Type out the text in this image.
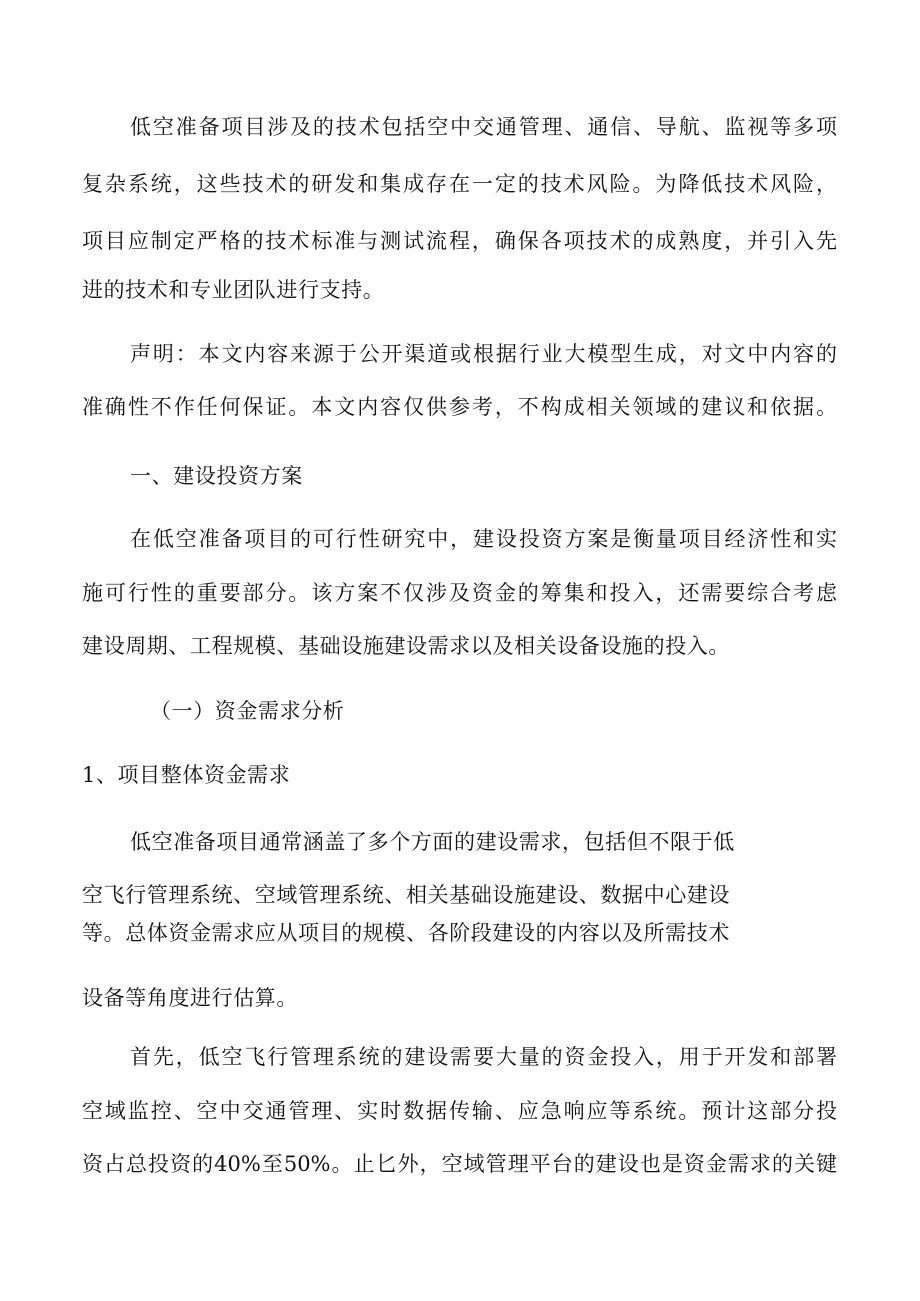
低空准备项目涉及的技术包括空中交通管理、通信、导航、监视等多项
复杂系统，这些技术的研发和集成存在一定的技术风险。为降低技术风险，
项目应制定严格的技术标准与测试流程，确保各项技术的成熟度，并引入先
进的技术和专业团队进行支持。
声明：本文内容来源于公开渠道或根据行业大模型生成，对文中内容的
准确性不作任何保证。本文内容仅供参考，不构成相关领域的建议和依据。
一、建设投资方案
在低空准备项目的可行性研究中，建设投资方案是衡量项目经济性和实
施可行性的重要部分。该方案不仅涉及资金的筹集和投入，还需要综合考虑
建设周期、工程规模、基础设施建设需求以及相关设备设施的投入。
（一）资金需求分析
1、项目整体资金需求
低空准备项目通常涵盖了多个方面的建设需求，包括但不限于低
空飞行管理系统、空域管理系统、相关基础设施建设、数据中心建设
等。总体资金需求应从项目的规模、各阶段建设的内容以及所需技术
设备等角度进行估算。
首先，低空飞行管理系统的建设需要大量的资金投入，用于开发和部署
空域监控、空中交通管理、实时数据传输、应急响应等系统。预计这部分投
资占总投资的40%至50%。止匕外，空域管理平台的建设也是资金需求的关键
